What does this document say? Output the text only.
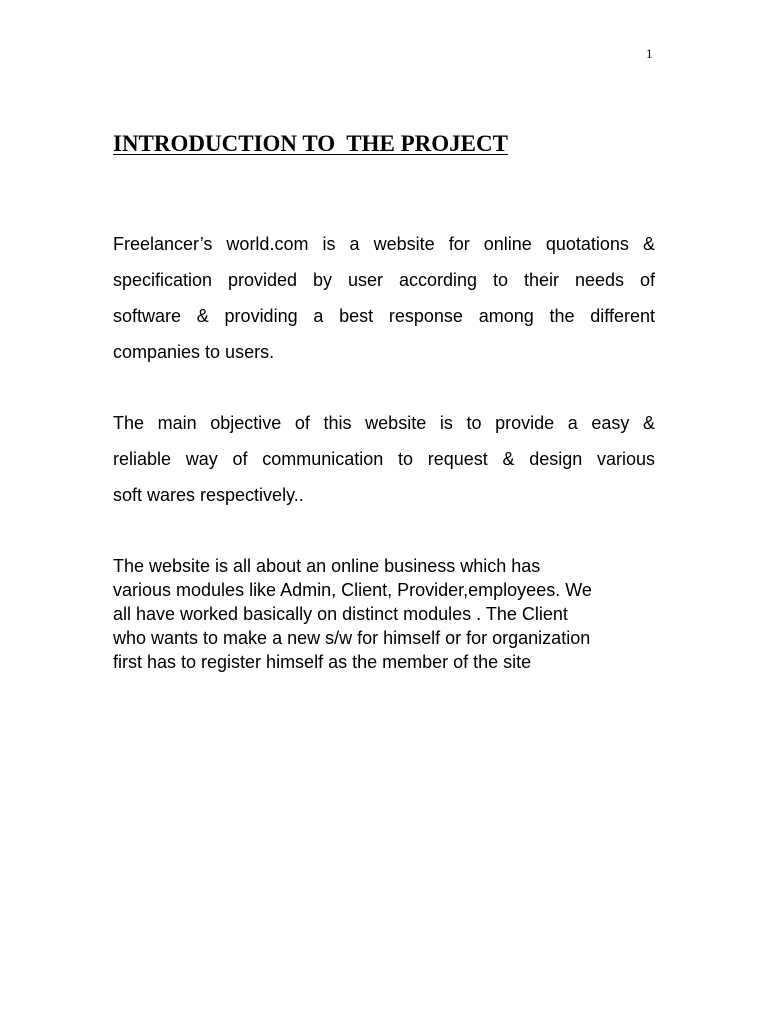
1
INTRODUCTION TO  THE PROJECT

Freelancer’s world.com is a website for online quotations &
specification provided by user according to their needs of
software & providing a best response among the different
companies to users.

The main objective of this website is to provide a easy &
reliable way of communication to request & design various
soft wares respectively..

The website is all about an online business which has
various modules like Admin, Client, Provider,employees. We
all have worked basically on distinct modules . The Client
who wants to make a new s/w for himself or for organization
first has to register himself as the member of the site
